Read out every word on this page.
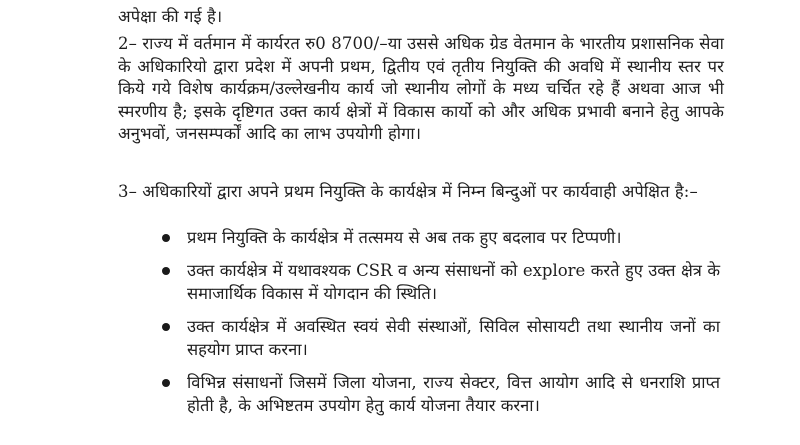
अपेक्षा की गई है।
2– राज्य में वर्तमान में कार्यरत रु0 8700/–या उससे अधिक ग्रेड वेतमान के भारतीय प्रशासनिक सेवा के अधिकारियो द्वारा प्रदेश में अपनी प्रथम, द्वितीय एवं तृतीय नियुक्ति की अवधि में स्थानीय स्तर पर किये गये विशेष कार्यक्रम/उल्लेखनीय कार्य जो स्थानीय लोगों के मध्य चर्चित रहे हैं अथवा आज भी स्मरणीय है; इसके दृष्टिगत उक्त कार्य क्षेत्रों में विकास कार्यो को और अधिक प्रभावी बनाने हेतु आपके अनुभवों, जनसम्पर्कों आदि का लाभ उपयोगी होगा।
3– अधिकारियों द्वारा अपने प्रथम नियुक्ति के कार्यक्षेत्र में निम्न बिन्दुओं पर कार्यवाही अपेक्षित है:–
प्रथम नियुक्ति के कार्यक्षेत्र में तत्समय से अब तक हुए बदलाव पर टिप्पणी।
उक्त कार्यक्षेत्र में यथावश्यक CSR व अन्य संसाधनों को explore करते हुए उक्त क्षेत्र के समाजार्थिक विकास में योगदान की स्थिति।
उक्त कार्यक्षेत्र में अवस्थित स्वयं सेवी संस्थाओं, सिविल सोसायटी तथा स्थानीय जनों का सहयोग प्राप्त करना।
विभिन्न संसाधनों जिसमें जिला योजना, राज्य सेक्टर, वित्त आयोग आदि से धनराशि प्राप्त होती है, के अभिष्टतम उपयोग हेतु कार्य योजना तैयार करना।
